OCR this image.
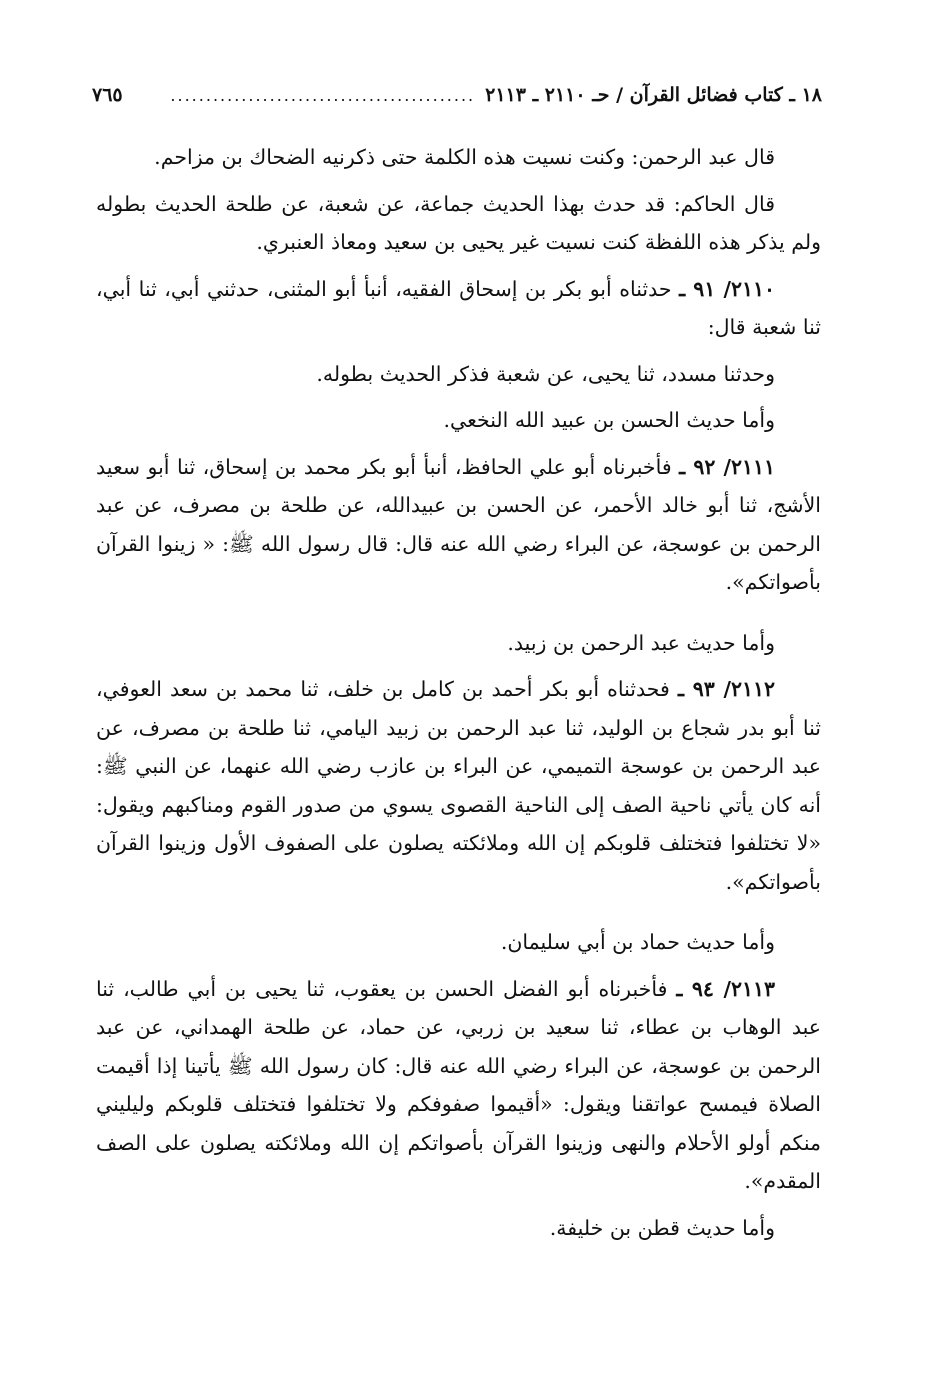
١٨ ـ كتاب فضائل القرآن / حـ ٢١١٠ ـ ٢١١٣
...........................................
٧٦٥

قال عبد الرحمن: وكنت نسيت هذه الكلمة حتى ذكرنيه الضحاك بن مزاحم.

قال الحاكم: قد حدث بهذا الحديث جماعة، عن شعبة، عن طلحة الحديث بطوله ولم يذكر هذه اللفظة كنت نسيت غير يحيى بن سعيد ومعاذ العنبري.

٢١١٠/ ٩١ ـ حدثناه أبو بكر بن إسحاق الفقيه، أنبأ أبو المثنى، حدثني أبي، ثنا أبي، ثنا شعبة قال:

وحدثنا مسدد، ثنا يحيى، عن شعبة فذكر الحديث بطوله.

وأما حديث الحسن بن عبيد الله النخعي.

٢١١١/ ٩٢ ـ فأخبرناه أبو علي الحافظ، أنبأ أبو بكر محمد بن إسحاق، ثنا أبو سعيد الأشج، ثنا أبو خالد الأحمر، عن الحسن بن عبيدالله، عن طلحة بن مصرف، عن عبد الرحمن بن عوسجة، عن البراء رضي الله عنه قال: قال رسول الله ﷺ: « زينوا القرآن بأصواتكم».

وأما حديث عبد الرحمن بن زبيد.

٢١١٢/ ٩٣ ـ فحدثناه أبو بكر أحمد بن كامل بن خلف، ثنا محمد بن سعد العوفي، ثنا أبو بدر شجاع بن الوليد، ثنا عبد الرحمن بن زبيد اليامي، ثنا طلحة بن مصرف، عن عبد الرحمن بن عوسجة التميمي، عن البراء بن عازب رضي الله عنهما، عن النبي ﷺ: أنه كان يأتي ناحية الصف إلى الناحية القصوى يسوي من صدور القوم ومناكبهم ويقول: «لا تختلفوا فتختلف قلوبكم إن الله وملائكته يصلون على الصفوف الأول وزينوا القرآن بأصواتكم».

وأما حديث حماد بن أبي سليمان.

٢١١٣/ ٩٤ ـ فأخبرناه أبو الفضل الحسن بن يعقوب، ثنا يحيى بن أبي طالب، ثنا عبد الوهاب بن عطاء، ثنا سعيد بن زربي، عن حماد، عن طلحة الهمداني، عن عبد الرحمن بن عوسجة، عن البراء رضي الله عنه قال: كان رسول الله ﷺ يأتينا إذا أقيمت الصلاة فيمسح عواتقنا ويقول: «أقيموا صفوفكم ولا تختلفوا فتختلف قلوبكم وليليني منكم أولو الأحلام والنهى وزينوا القرآن بأصواتكم إن الله وملائكته يصلون على الصف المقدم».

وأما حديث قطن بن خليفة.
